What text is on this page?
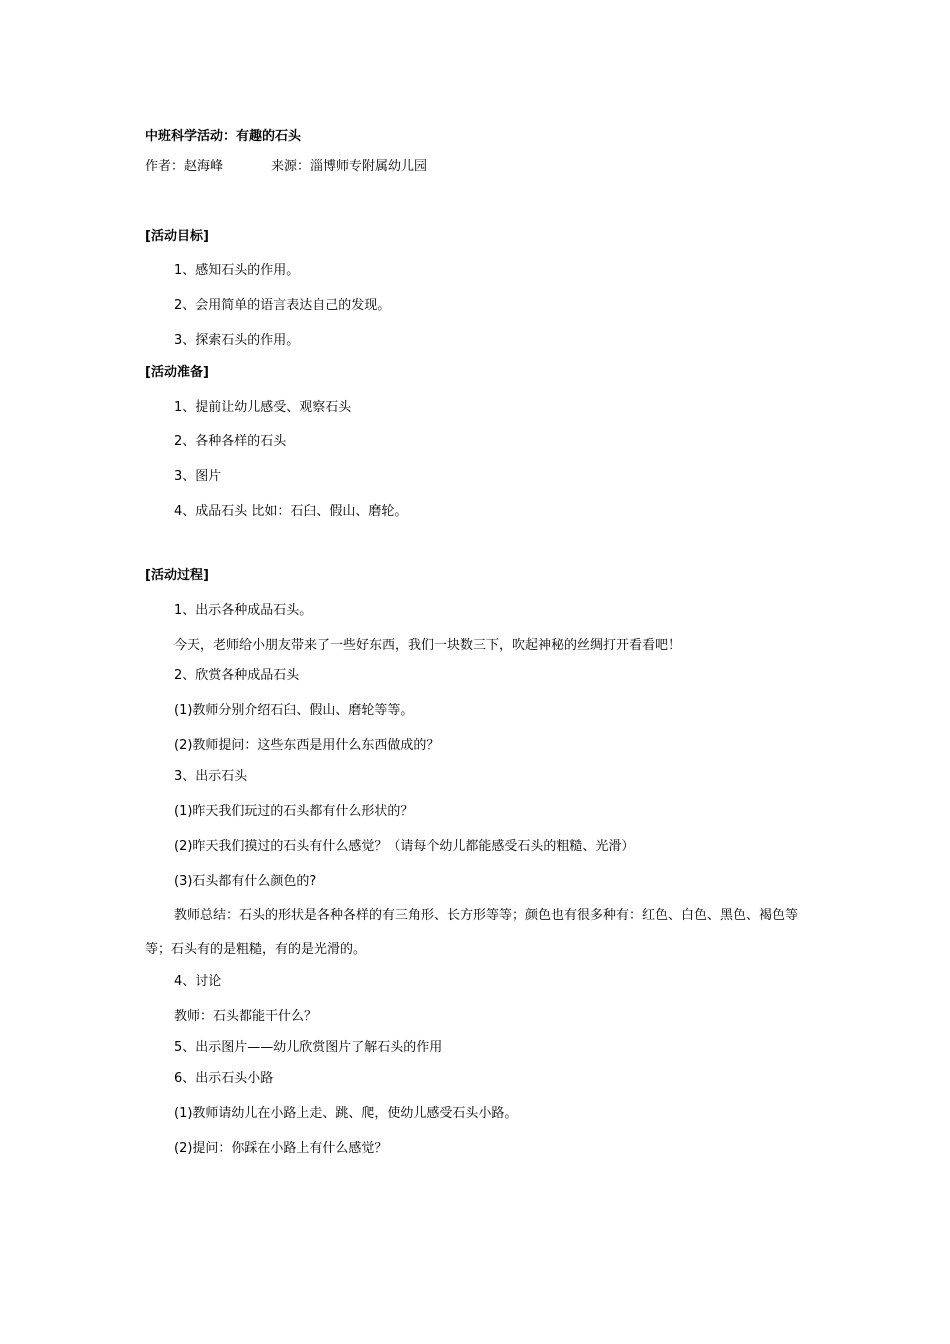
中班科学活动：有趣的石头
作者：赵海峰	来源：淄博师专附属幼儿园
[活动目标]
1、感知石头的作用。
2、会用简单的语言表达自己的发现。
3、探索石头的作用。
[活动准备]
1、提前让幼儿感受、观察石头
2、各种各样的石头
3、图片
4、成品石头 比如：石臼、假山、磨轮。
[活动过程]
1、出示各种成品石头。
今天，老师给小朋友带来了一些好东西，我们一块数三下，吹起神秘的丝绸打开看看吧！
2、欣赏各种成品石头
(1)教师分别介绍石臼、假山、磨轮等等。
(2)教师提问：这些东西是用什么东西做成的？
3、出示石头
(1)昨天我们玩过的石头都有什么形状的？
(2)昨天我们摸过的石头有什么感觉？（请每个幼儿都能感受石头的粗糙、光滑）
(3)石头都有什么颜色的?
教师总结：石头的形状是各种各样的有三角形、长方形等等；颜色也有很多种有：红色、白色、黑色、褐色等等；石头有的是粗糙，有的是光滑的。
4、讨论
教师：石头都能干什么？
5、出示图片——幼儿欣赏图片了解石头的作用
6、出示石头小路
(1)教师请幼儿在小路上走、跳、爬，使幼儿感受石头小路。
(2)提问：你踩在小路上有什么感觉？
